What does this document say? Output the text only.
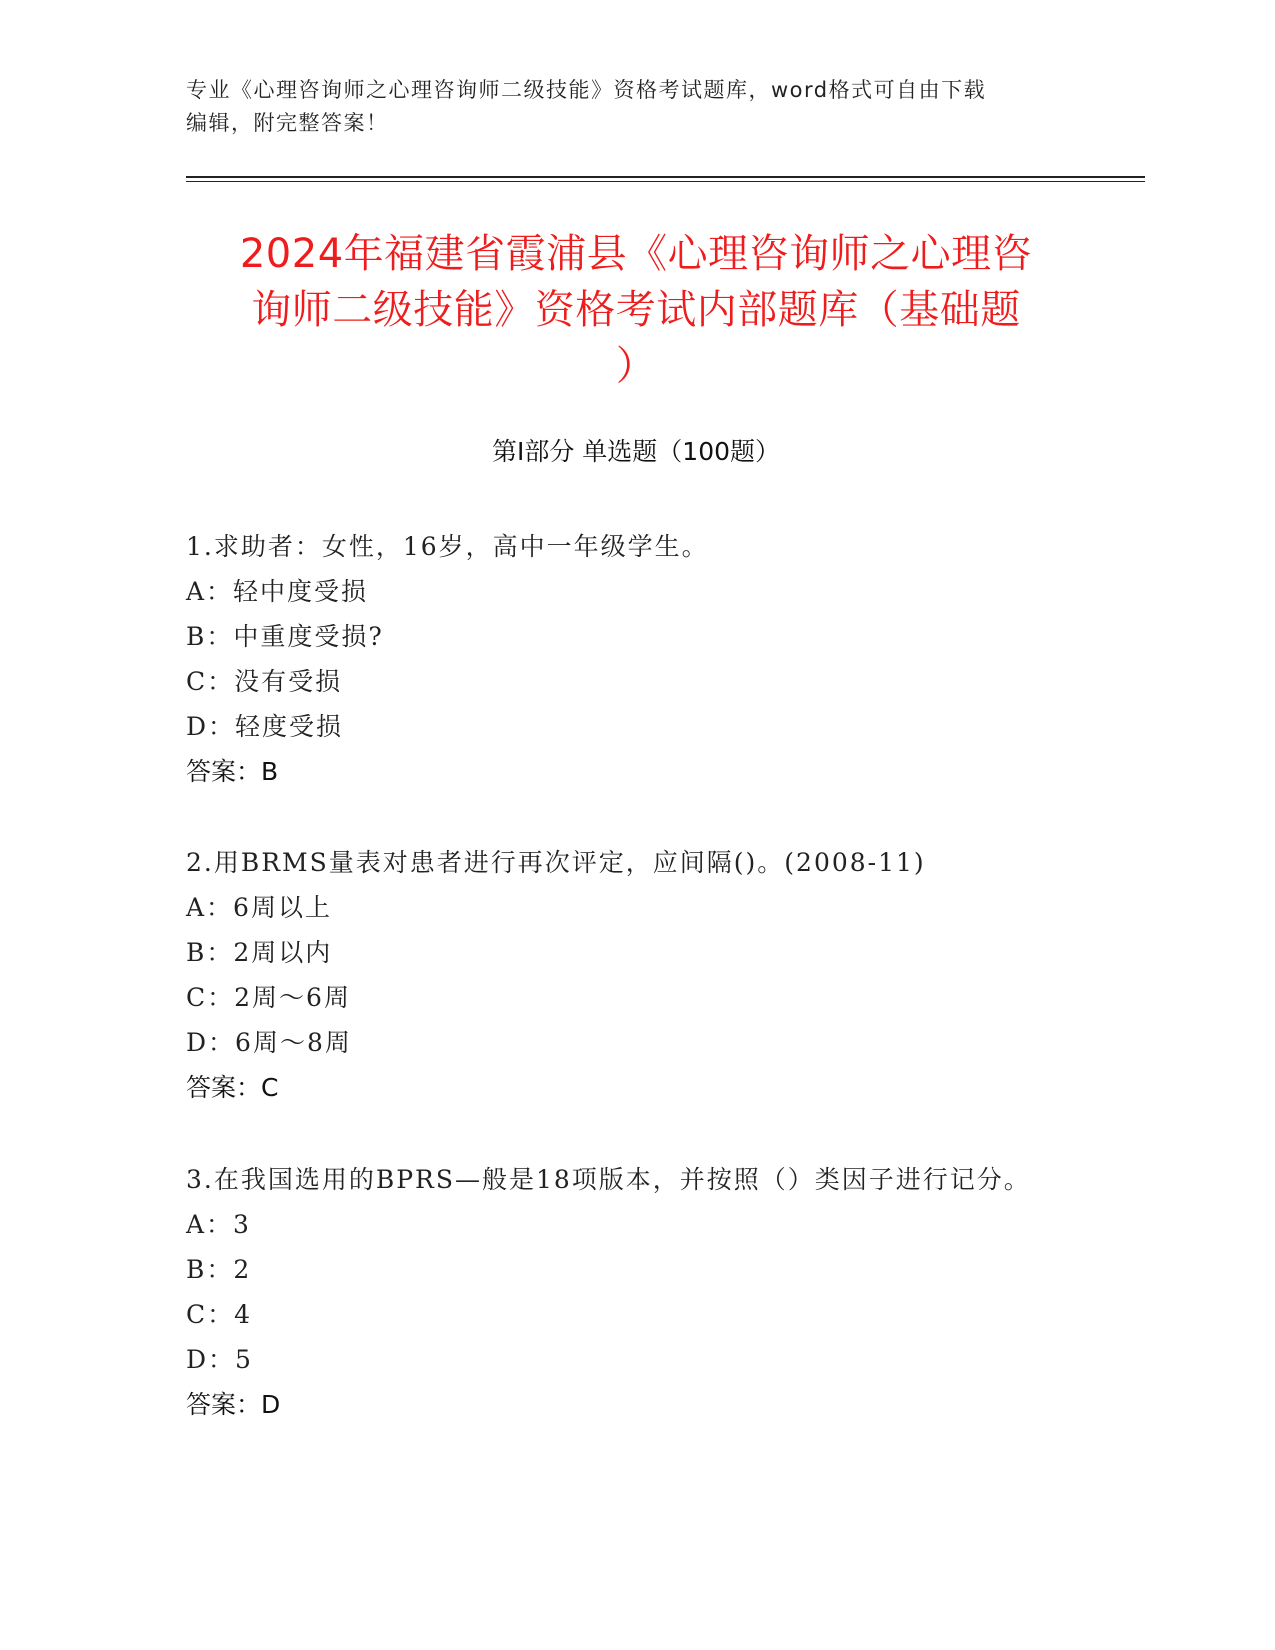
专业《心理咨询师之心理咨询师二级技能》资格考试题库，word格式可自由下载
编辑，附完整答案！
2024年福建省霞浦县《心理咨询师之心理咨
询师二级技能》资格考试内部题库（基础题
）
第Ⅰ部分 单选题（100题）
1.求助者：女性，16岁，高中一年级学生。
A：轻中度受损
B：中重度受损?
C：没有受损
D：轻度受损
答案：B
2.用BRMS量表对患者进行再次评定，应间隔()。(2008-11)
A：6周以上
B：2周以内
C：2周～6周
D：6周～8周
答案：C
3.在我国选用的BPRS—般是18项版本，并按照（）类因子进行记分。
A：3
B：2
C：4
D：5
答案：D
